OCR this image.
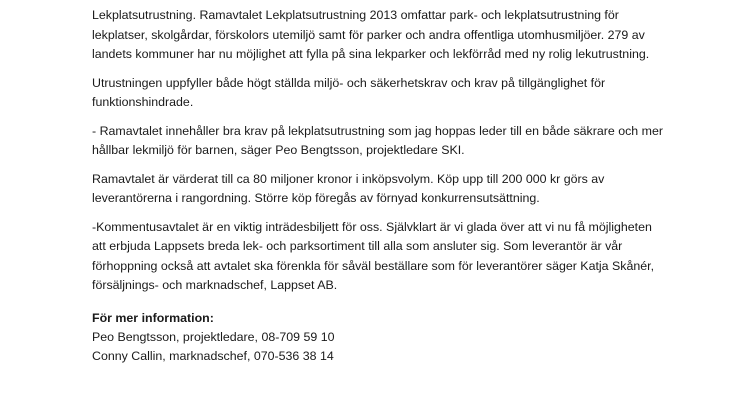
Lekplatsutrustning. Ramavtalet Lekplatsutrustning 2013 omfattar park- och lekplatsutrustning för
lekplatser, skolgårdar, förskolors utemiljö samt för parker och andra offentliga utomhusmiljöer. 279 av
landets kommuner har nu möjlighet att fylla på sina lekparker och lekförråd med ny rolig lekutrustning.

Utrustningen uppfyller både högt ställda miljö- och säkerhetskrav och krav på tillgänglighet för
funktionshindrade.

- Ramavtalet innehåller bra krav på lekplatsutrustning som jag hoppas leder till en både säkrare och mer
hållbar lekmiljö för barnen, säger Peo Bengtsson, projektledare SKI.

Ramavtalet är värderat till ca 80 miljoner kronor i inköpsvolym. Köp upp till 200 000 kr görs av
leverantörerna i rangordning. Större köp föregås av förnyad konkurrensutsättning.

-Kommentusavtalet är en viktig inträdesbiljett för oss. Självklart är vi glada över att vi nu få möjligheten
att erbjuda Lappsets breda lek- och parksortiment till alla som ansluter sig. Som leverantör är vår
förhoppning också att avtalet ska förenkla för såväl beställare som för leverantörer säger Katja Skånér,
försäljnings- och marknadschef, Lappset AB.

För mer information:
Peo Bengtsson, projektledare, 08-709 59 10
Conny Callin, marknadschef, 070-536 38 14
